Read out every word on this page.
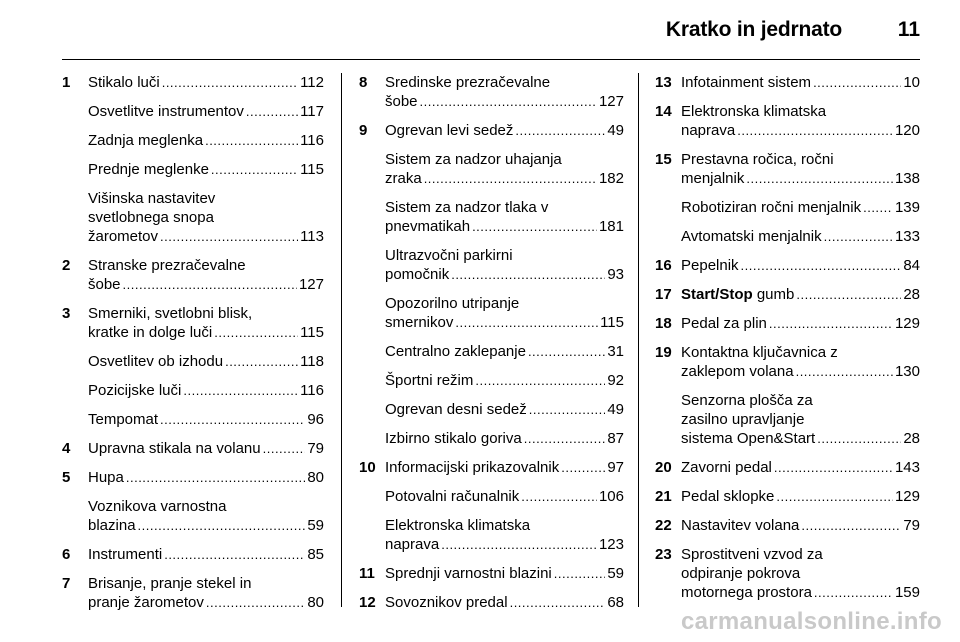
Kratko in jedrnato	11
1	Stikalo luči .....	112
Osvetlitve instrumentov .....	117
Zadnja meglenka .....	116
Prednje meglenke .....	115
Višinska nastavitev
svetlobnega snopa
žarometov .....	113
2	Stranske prezračevalne
šobe .....	127
3	Smerniki, svetlobni blisk,
kratke in dolge luči .....	115
Osvetlitev ob izhodu .....	118
Pozicijske luči .....	116
Tempomat .....	96
4	Upravna stikala na volanu .....	79
5	Hupa .....	80
Voznikova varnostna
blazina .....	59
6	Instrumenti .....	85
7	Brisanje, pranje stekel in
pranje žarometov .....	80
8	Sredinske prezračevalne
šobe .....	127
9	Ogrevan levi sedež .....	49
Sistem za nadzor uhajanja
zraka .....	182
Sistem za nadzor tlaka v
pnevmatikah .....	181
Ultrazvočni parkirni
pomočnik .....	93
Opozorilno utripanje
smernikov .....	115
Centralno zaklepanje .....	31
Športni režim .....	92
Ogrevan desni sedež .....	49
Izbirno stikalo goriva .....	87
10 Informacijski prikazovalnik .....	97
Potovalni računalnik .....	106
Elektronska klimatska
naprava .....	123
11 Sprednji varnostni blazini .....	59
12 Sovoznikov predal .....	68
13 Infotainment sistem .....	10
14 Elektronska klimatska
naprava .....	120
15 Prestavna ročica, ročni
menjalnik .....	138
Robotiziran ročni menjalnik ..... 139
Avtomatski menjalnik .....	133
16 Pepelnik .....	84
17 Start/Stop gumb .....	28
18 Pedal za plin .....	129
19 Kontaktna ključavnica z
zaklepom volana .....	130
Senzorna plošča za
zasilno upravljanje
sistema Open&Start .....	28
20 Zavorni pedal .....	143
21 Pedal sklopke .....	129
22 Nastavitev volana .....	79
23 Sprostitveni vzvod za
odpiranje pokrova
motornega prostora .....	159
carmanualsonline.info
